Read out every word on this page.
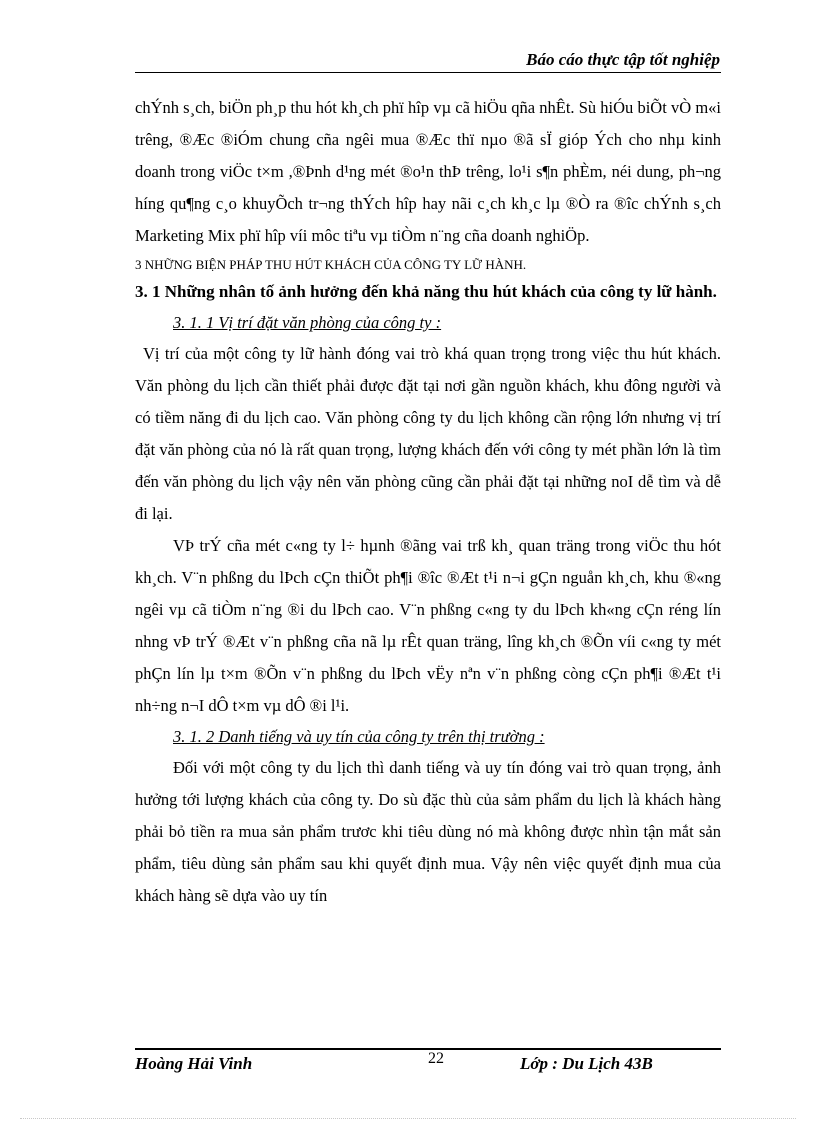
Báo cáo thực tập tốt nghiệp

chÝnh s¸ch, biÖn ph¸p thu hót kh¸ch phï hîp vµ cã hiÖu qña nhÊt. Sù hiÓu biÕt vÒ m«i trêng, ®Æc ®iÓm chung cña ngêi mua ®Æc thï nµo ®ã sÏ gióp Ých cho nhµ kinh doanh trong viÖc t×m ,®Þnh d¹ng mét ®o¹n thÞ trêng, lo¹i s¶n phÈm, néi dung, ph¬ng híng qu¶ng c¸o khuyÕch tr¬ng thÝch hîp hay nãi c¸ch kh¸c lµ ®Ò ra ®îc chÝnh s¸ch Marketing Mix phï hîp víi môc tiªu vµ tiÒm n¨ng cña doanh nghiÖp.

3 NHỮNG BIỆN PHÁP THU HÚT KHÁCH CỦA CÔNG TY LỮ HÀNH.

3. 1 Những nhân tố ảnh hưởng đến khả năng thu hút khách của công ty lữ hành.

3. 1. 1 Vị trí đặt văn phòng của công ty :

Vị trí của một công ty lữ hành đóng vai trò khá quan trọng trong việc thu hút khách. Văn phòng du lịch cần thiết phải được đặt tại nơi gần nguồn khách, khu đông người và có tiềm năng đi du lịch cao. Văn phòng công ty du lịch không cần rộng lớn nhưng vị trí đặt văn phòng của nó là rất quan trọng, lượng khách đến với công ty mét phần lớn là tìm đến văn phòng du lịch vậy nên văn phòng cũng cần phải đặt tại những noI dễ tìm và dễ đi lại.

VÞ trÝ cña mét c«ng ty l÷ hµnh ®ãng vai trß kh¸ quan träng trong viÖc thu hót kh¸ch. V¨n phßng du lÞch cÇn thiÕt ph¶i ®îc ®Æt t¹i n¬i gÇn nguån kh¸ch, khu ®«ng ngêi vµ cã tiÒm n¨ng ®i du lÞch cao. V¨n phßng c«ng ty du lÞch kh«ng cÇn réng lín nhng vÞ trÝ ®Æt v¨n phßng cña nã lµ rÊt quan träng, lîng kh¸ch ®Õn víi c«ng ty mét phÇn lín lµ t×m ®Õn v¨n phßng du lÞch vËy nªn v¨n phßng còng cÇn ph¶i ®Æt t¹i nh÷ng n¬I dÔ t×m vµ dÔ ®i l¹i.

3. 1. 2 Danh tiếng và uy tín của công ty trên thị trường :

Đối với một công ty du lịch thì danh tiếng và uy tín đóng vai trò quan trọng, ảnh hưởng tới lượng khách của công ty. Do sù đặc thù của sảm phẩm du lịch là khách hàng phải bỏ tiền ra mua sản phẩm trươc khi tiêu dùng nó mà không được nhìn tận mắt sản phẩm, tiêu dùng sản phẩm sau khi quyết định mua. Vậy nên việc quyết định mua của khách hàng sẽ dựa vào uy tín

Hoàng Hải Vinh	22	Lớp : Du Lịch 43B
